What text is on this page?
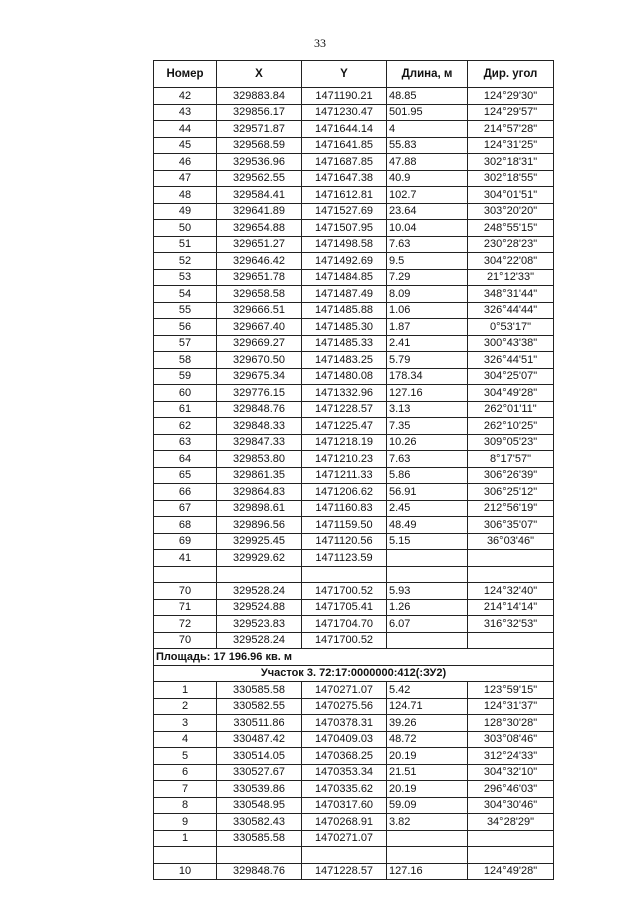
33
Номер	X	Y	Длина, м	Дир. угол
42	329883.84	1471190.21	48.85	124°29'30"
43	329856.17	1471230.47	501.95	124°29'57"
44	329571.87	1471644.14	4	214°57'28"
45	329568.59	1471641.85	55.83	124°31'25"
46	329536.96	1471687.85	47.88	302°18'31"
47	329562.55	1471647.38	40.9	302°18'55"
48	329584.41	1471612.81	102.7	304°01'51"
49	329641.89	1471527.69	23.64	303°20'20"
50	329654.88	1471507.95	10.04	248°55'15"
51	329651.27	1471498.58	7.63	230°28'23"
52	329646.42	1471492.69	9.5	304°22'08"
53	329651.78	1471484.85	7.29	21°12'33"
54	329658.58	1471487.49	8.09	348°31'44"
55	329666.51	1471485.88	1.06	326°44'44"
56	329667.40	1471485.30	1.87	0°53'17"
57	329669.27	1471485.33	2.41	300°43'38"
58	329670.50	1471483.25	5.79	326°44'51"
59	329675.34	1471480.08	178.34	304°25'07"
60	329776.15	1471332.96	127.16	304°49'28"
61	329848.76	1471228.57	3.13	262°01'11"
62	329848.33	1471225.47	7.35	262°10'25"
63	329847.33	1471218.19	10.26	309°05'23"
64	329853.80	1471210.23	7.63	8°17'57"
65	329861.35	1471211.33	5.86	306°26'39"
66	329864.83	1471206.62	56.91	306°25'12"
67	329898.61	1471160.83	2.45	212°56'19"
68	329896.56	1471159.50	48.49	306°35'07"
69	329925.45	1471120.56	5.15	36°03'46"
41	329929.62	1471123.59		

70	329528.24	1471700.52	5.93	124°32'40"
71	329524.88	1471705.41	1.26	214°14'14"
72	329523.83	1471704.70	6.07	316°32'53"
70	329528.24	1471700.52		
Площадь: 17 196.96 кв. м				
Участок 3. 72:17:0000000:412(:ЗУ2)				
1	330585.58	1470271.07	5.42	123°59'15"
2	330582.55	1470275.56	124.71	124°31'37"
3	330511.86	1470378.31	39.26	128°30'28"
4	330487.42	1470409.03	48.72	303°08'46"
5	330514.05	1470368.25	20.19	312°24'33"
6	330527.67	1470353.34	21.51	304°32'10"
7	330539.86	1470335.62	20.19	296°46'03"
8	330548.95	1470317.60	59.09	304°30'46"
9	330582.43	1470268.91	3.82	34°28'29"
1	330585.58	1470271.07		

10	329848.76	1471228.57	127.16	124°49'28"
